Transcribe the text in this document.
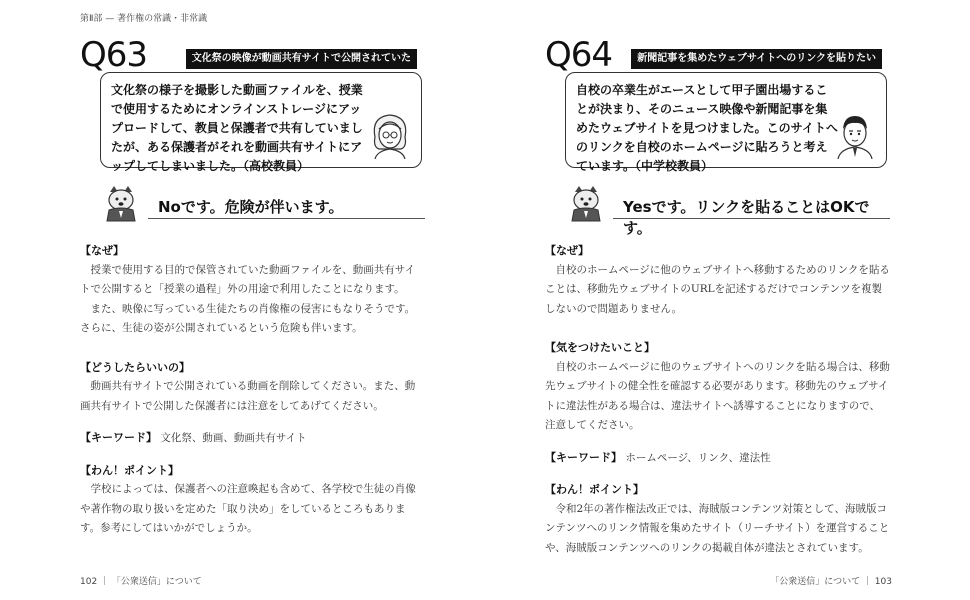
第Ⅱ部 — 著作権の常識・非常識
Q63	文化祭の映像が動画共有サイトで公開されていた
文化祭の様子を撮影した動画ファイルを、授業で使用するためにオンラインストレージにアップロードして、教員と保護者で共有していましたが、ある保護者がそれを動画共有サイトにアップしてしまいました。（高校教員）
Noです。危険が伴います。
【なぜ】
授業で使用する目的で保管されていた動画ファイルを、動画共有サイトで公開すると「授業の過程」外の用途で利用したことになります。
また、映像に写っている生徒たちの肖像権の侵害にもなりそうです。さらに、生徒の姿が公開されているという危険も伴います。
【どうしたらいいの】
動画共有サイトで公開されている動画を削除してください。また、動画共有サイトで公開した保護者には注意をしてあげてください。
【キーワード】 文化祭、動画、動画共有サイト
【わん！ポイント】
学校によっては、保護者への注意喚起も含めて、各学校で生徒の肖像や著作物の取り扱いを定めた「取り決め」をしているところもあります。参考にしてはいかがでしょうか。
Q64	新聞記事を集めたウェブサイトへのリンクを貼りたい
自校の卒業生がエースとして甲子園出場することが決まり、そのニュース映像や新聞記事を集めたウェブサイトを見つけました。このサイトへのリンクを自校のホームページに貼ろうと考えています。（中学校教員）
Yesです。リンクを貼ることはOKです。
【なぜ】
自校のホームページに他のウェブサイトへ移動するためのリンクを貼ることは、移動先ウェブサイトのURLを記述するだけでコンテンツを複製しないので問題ありません。
【気をつけたいこと】
自校のホームページに他のウェブサイトへのリンクを貼る場合は、移動先ウェブサイトの健全性を確認する必要があります。移動先のウェブサイトに違法性がある場合は、違法サイトへ誘導することになりますので、注意してください。
【キーワード】 ホームページ、リンク、違法性
【わん！ポイント】
令和2年の著作権法改正では、海賊版コンテンツ対策として、海賊版コンテンツへのリンク情報を集めたサイト（リーチサイト）を運営することや、海賊版コンテンツへのリンクの掲載自体が違法とされています。
102 ｜ 「公衆送信」について	「公衆送信」について ｜ 103
